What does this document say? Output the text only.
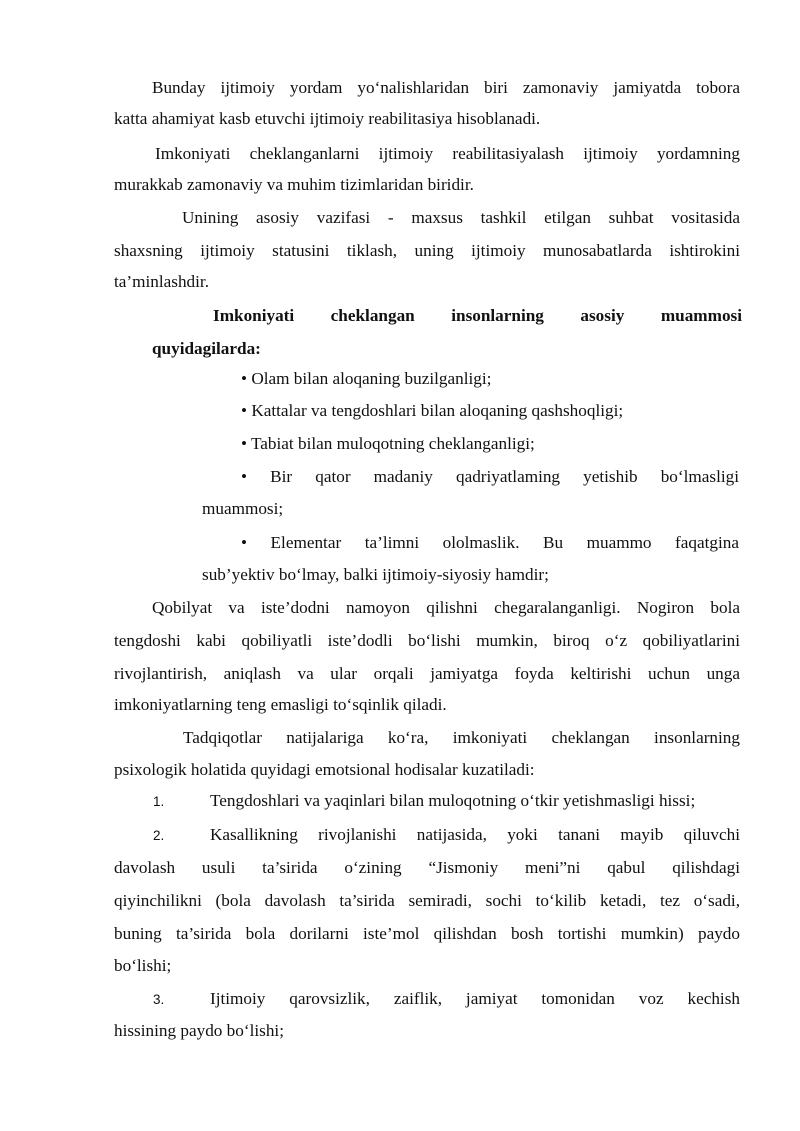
Bunday ijtimoiy yordam yo‘nalishlaridan biri zamonaviy jamiyatda tobora
katta ahamiyat kasb etuvchi ijtimoiy reabilitasiya hisoblanadi.
Imkoniyati cheklanganlarni ijtimoiy reabilitasiyalash ijtimoiy yordamning
murakkab zamonaviy va muhim tizimlaridan biridir.
Unining asosiy vazifasi - maxsus tashkil etilgan suhbat vositasida
shaxsning ijtimoiy statusini tiklash, uning ijtimoiy munosabatlarda ishtirokini
ta’minlashdir.
Imkoniyati cheklangan insonlarning asosiy muammosi
quyidagilarda:
• Olam bilan aloqaning buzilganligi;
• Kattalar va tengdoshlari bilan aloqaning qashshoqligi;
• Tabiat bilan muloqotning cheklanganligi;
• Bir qator madaniy qadriyatlaming yetishib bo‘lmasligi
muammosi;
• Elementar ta’limni ololmaslik. Bu muammo faqatgina
sub’yektiv bo‘lmay, balki ijtimoiy-siyosiy hamdir;
Qobilyat va iste’dodni namoyon qilishni chegaralanganligi. Nogiron bola
tengdoshi kabi qobiliyatli iste’dodli bo‘lishi mumkin, biroq o‘z qobiliyatlarini
rivojlantirish, aniqlash va ular orqali jamiyatga foyda keltirishi uchun unga
imkoniyatlarning teng emasligi to‘sqinlik qiladi.
Tadqiqotlar natijalariga ko‘ra, imkoniyati cheklangan insonlarning
psixologik holatida quyidagi emotsional hodisalar kuzatiladi:
1.	Tengdoshlari va yaqinlari bilan muloqotning o‘tkir yetishmasligi hissi;
2.	Kasallikning rivojlanishi natijasida, yoki tanani mayib qiluvchi
davolash usuli ta’sirida o‘zining “Jismoniy meni”ni qabul qilishdagi
qiyinchilikni (bola davolash ta’sirida semiradi, sochi to‘kilib ketadi, tez o‘sadi,
buning ta’sirida bola dorilarni iste’mol qilishdan bosh tortishi mumkin) paydo
bo‘lishi;
3.	Ijtimoiy qarovsizlik, zaiflik, jamiyat tomonidan voz kechish
hissining paydo bo‘lishi;
